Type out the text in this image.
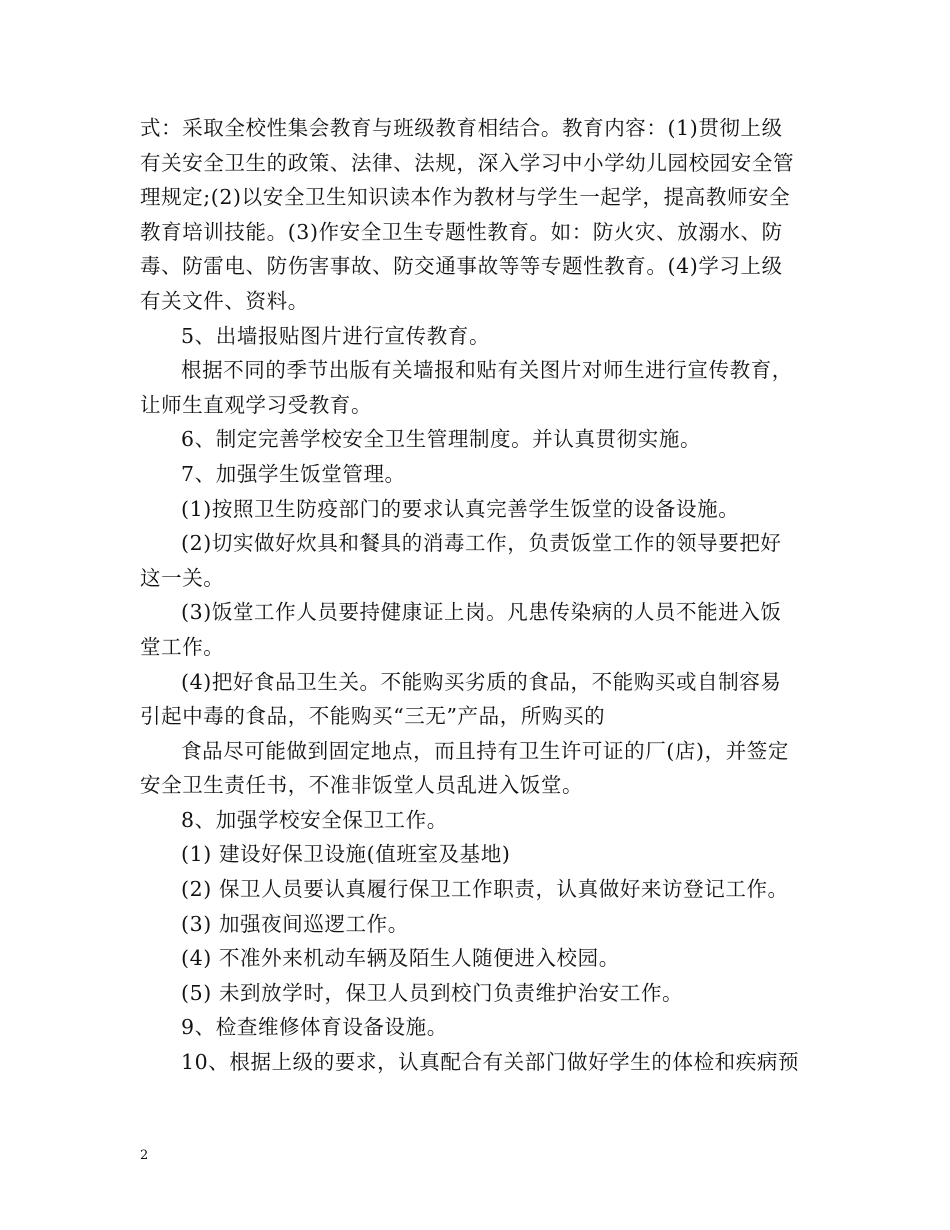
式：采取全校性集会教育与班级教育相结合。教育内容：(1)贯彻上级
有关安全卫生的政策、法律、法规，深入学习中小学幼儿园校园安全管
理规定;(2)以安全卫生知识读本作为教材与学生一起学，提高教师安全
教育培训技能。(3)作安全卫生专题性教育。如：防火灾、放溺水、防
毒、防雷电、防伤害事故、防交通事故等等专题性教育。(4)学习上级
有关文件、资料。
5、出墙报贴图片进行宣传教育。
根据不同的季节出版有关墙报和贴有关图片对师生进行宣传教育，
让师生直观学习受教育。
6、制定完善学校安全卫生管理制度。并认真贯彻实施。
7、加强学生饭堂管理。
(1)按照卫生防疫部门的要求认真完善学生饭堂的设备设施。
(2)切实做好炊具和餐具的消毒工作，负责饭堂工作的领导要把好
这一关。
(3)饭堂工作人员要持健康证上岗。凡患传染病的人员不能进入饭
堂工作。
(4)把好食品卫生关。不能购买劣质的食品，不能购买或自制容易
引起中毒的食品，不能购买“三无”产品，所购买的
食品尽可能做到固定地点，而且持有卫生许可证的厂(店)，并签定
安全卫生责任书，不准非饭堂人员乱进入饭堂。
8、加强学校安全保卫工作。
(1) 建设好保卫设施(值班室及基地)
(2) 保卫人员要认真履行保卫工作职责，认真做好来访登记工作。
(3) 加强夜间巡逻工作。
(4) 不准外来机动车辆及陌生人随便进入校园。
(5) 未到放学时，保卫人员到校门负责维护治安工作。
9、检查维修体育设备设施。
10、根据上级的要求，认真配合有关部门做好学生的体检和疾病预
2
